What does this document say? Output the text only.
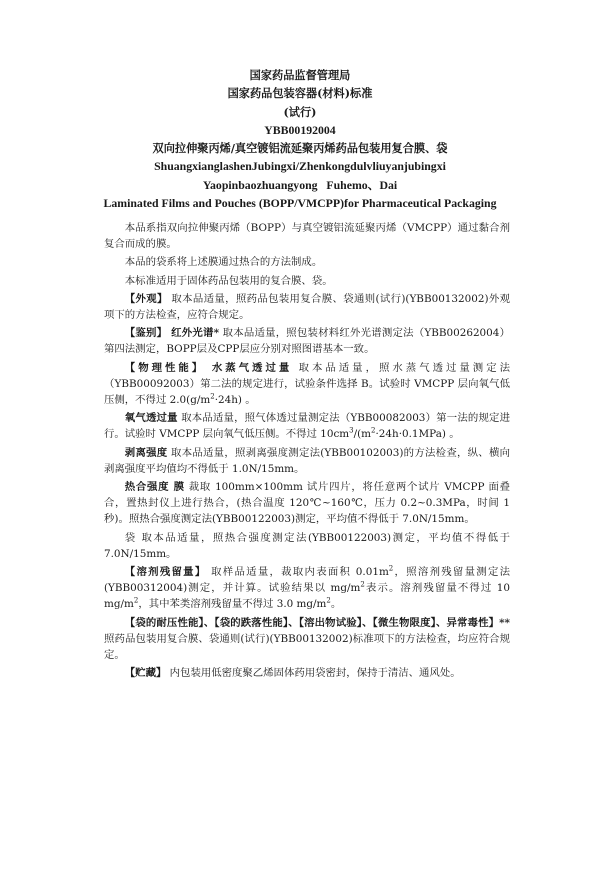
国家药品监督管理局
国家药品包装容器(材料)标准
(试行)
YBB00192004
双向拉伸聚丙烯/真空镀铝流延聚丙烯药品包装用复合膜、袋
ShuangxianglashenJubingxi/Zhenkongdulvliuyanjubingxi
Yaopinbaozhuangyong   Fuhemo、Dai
Laminated Films and Pouches (BOPP/VMCPP)for Pharmaceutical Packaging

本品系指双向拉伸聚丙烯（BOPP）与真空镀铝流延聚丙烯（VMCPP）通过黏合剂复合而成的膜。

本品的袋系将上述膜通过热合的方法制成。

本标准适用于固体药品包装用的复合膜、袋。

【外观】 取本品适量，照药品包装用复合膜、袋通则(试行)(YBB00132002)外观项下的方法检查，应符合规定。

【鉴别】 红外光谱* 取本品适量，照包装材料红外光谱测定法（YBB00262004）第四法测定，BOPP层及CPP层应分别对照图谱基本一致。

【物理性能】 水蒸气透过量 取本品适量，照水蒸气透过量测定法（YBB00092003）第二法的规定进行，试验条件选择 B。试验时 VMCPP 层向氧气低压侧，不得过 $2.0(g/m^2\cdot 24h)$ 。

氧气透过量 取本品适量，照气体透过量测定法（YBB00082003）第一法的规定进行。试验时 VMCPP 层向氧气低压侧。不得过 $10cm^3/(m^2\cdot 24h\cdot 0.1MPa)$ 。

剥离强度 取本品适量，照剥离强度测定法(YBB00102003)的方法检查，纵、横向剥离强度平均值均不得低于 1.0N/15mm。

热合强度 膜 裁取 100mm×100mm 试片四片，将任意两个试片 VMCPP 面叠合，置热封仪上进行热合，(热合温度 120℃~160℃，压力 0.2~0.3MPa，时间 1 秒)。照热合强度测定法(YBB00122003)测定，平均值不得低于 7.0N/15mm。

袋 取本品适量，照热合强度测定法(YBB00122003)测定，平均值不得低于 7.0N/15mm。

【溶剂残留量】 取样品适量，裁取内表面积 $0.01m^2$，照溶剂残留量测定法(YBB00312004)测定，并计算。试验结果以 $mg/m^2$表示。溶剂残留量不得过 10 $mg/m^2$，其中苯类溶剂残留量不得过 3.0 $mg/m^2$。

【袋的耐压性能】、【袋的跌落性能】、【溶出物试验】、【微生物限度】、异常毒性】** 照药品包装用复合膜、袋通则(试行)(YBB00132002)标准项下的方法检查，均应符合规定。

【贮藏】 内包装用低密度聚乙烯固体药用袋密封，保持于清洁、通风处。
